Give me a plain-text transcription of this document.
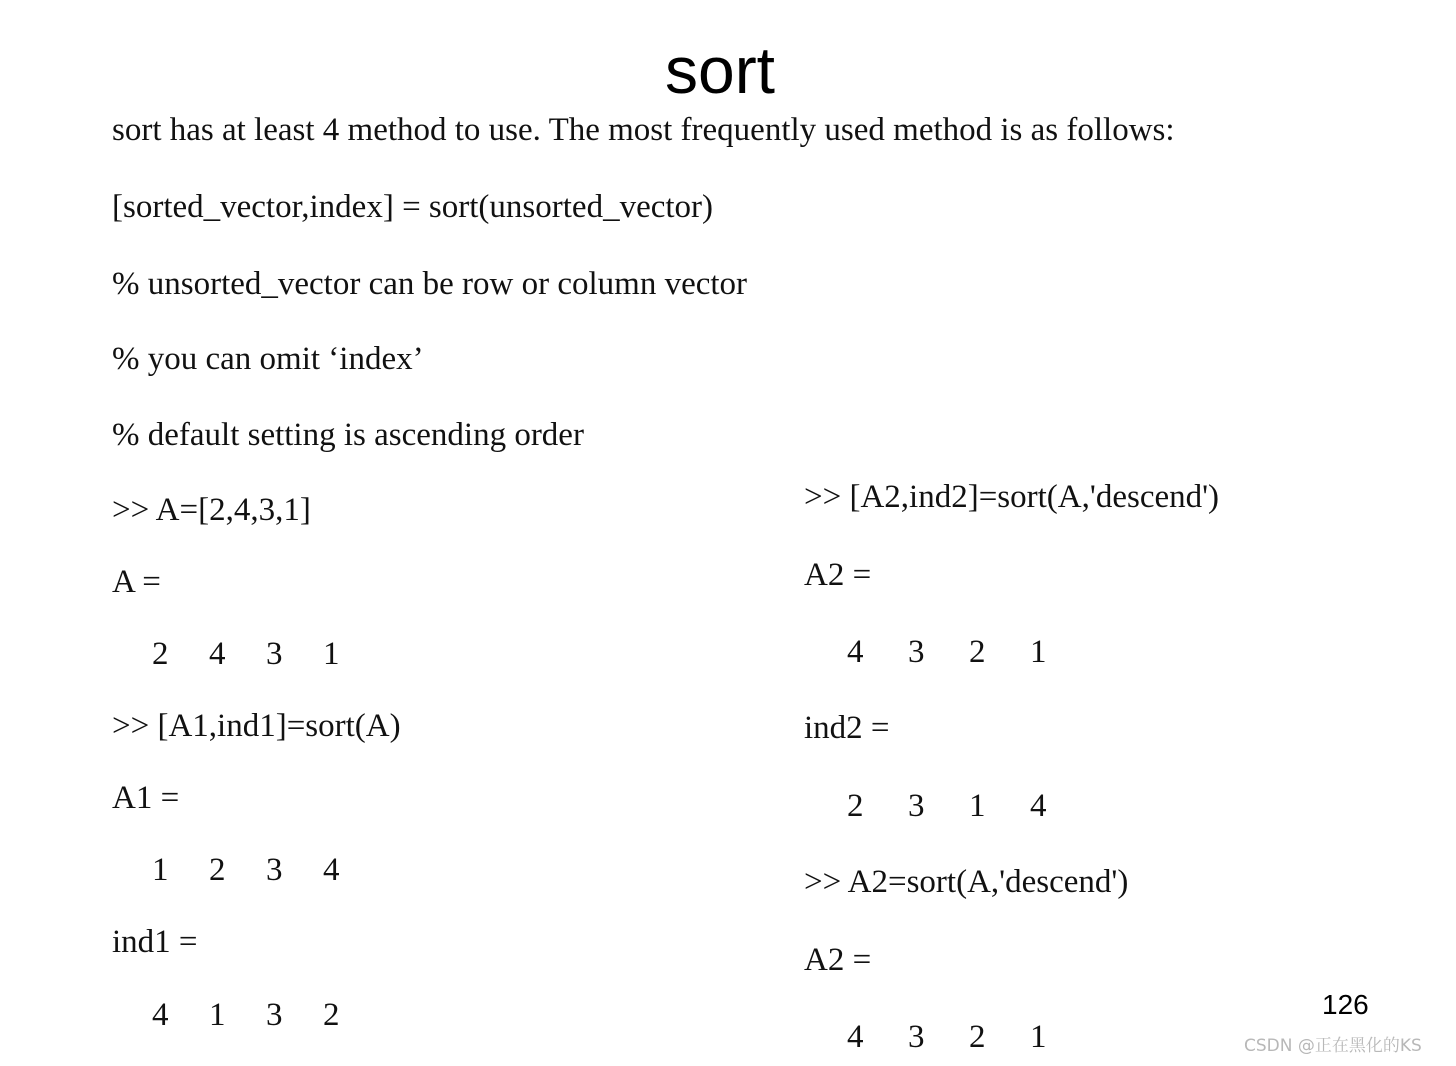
sort
sort has at least 4 method to use. The most frequently used method is as follows:
[sorted_vector,index] = sort(unsorted_vector)
% unsorted_vector can be row or column vector
% you can omit ‘index’
% default setting is ascending order
>> A=[2,4,3,1]
A =
2 4 3 1
>> [A1,ind1]=sort(A)
A1 =
1 2 3 4
ind1 =
4 1 3 2
>> [A2,ind2]=sort(A,'descend')
A2 =
4 3 2 1
ind2 =
2 3 1 4
>> A2=sort(A,'descend')
A2 =
4 3 2 1
126
CSDN @正在黑化的KS
